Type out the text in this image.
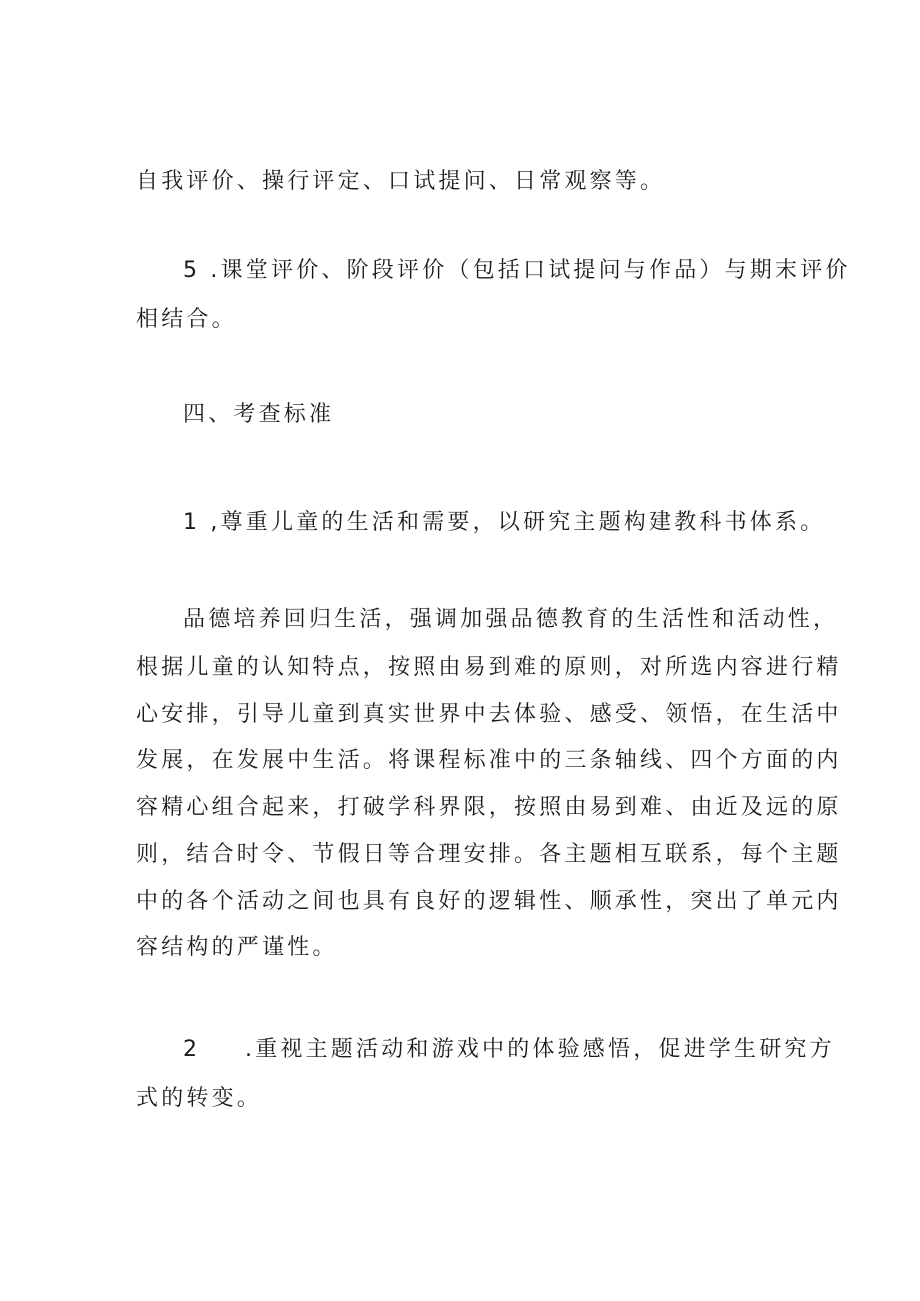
自我评价、操行评定、口试提问、日常观察等。
5 .课堂评价、阶段评价（包括口试提问与作品）与期末评价
相结合。
四、考查标准
1 ,尊重儿童的生活和需要，以研究主题构建教科书体系。
品德培养回归生活，强调加强品德教育的生活性和活动性，
根据儿童的认知特点，按照由易到难的原则，对所选内容进行精
心安排，引导儿童到真实世界中去体验、感受、领悟，在生活中
发展，在发展中生活。将课程标准中的三条轴线、四个方面的内
容精心组合起来，打破学科界限，按照由易到难、由近及远的原
则，结合时令、节假日等合理安排。各主题相互联系，每个主题
中的各个活动之间也具有良好的逻辑性、顺承性，突出了单元内
容结构的严谨性。
2 .重视主题活动和游戏中的体验感悟，促进学生研究方
式的转变。
